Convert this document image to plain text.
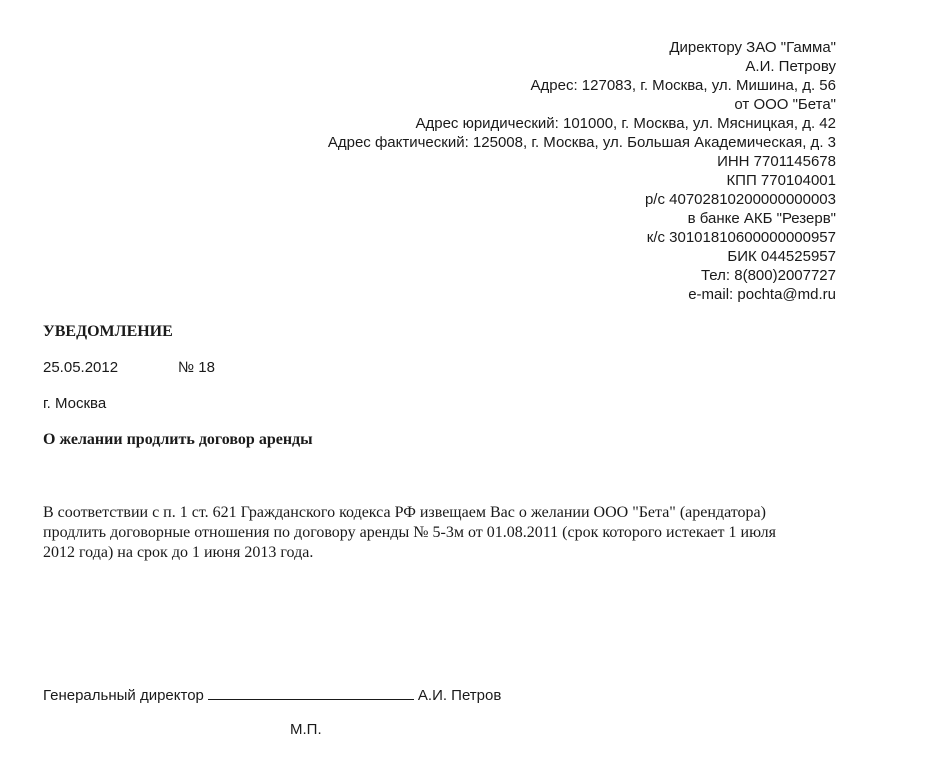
Директору ЗАО "Гамма"
А.И. Петрову
Адрес: 127083, г. Москва, ул. Мишина, д. 56
от ООО "Бета"
Адрес юридический: 101000, г. Москва, ул. Мясницкая, д. 42
Адрес фактический: 125008, г. Москва, ул. Большая Академическая, д. 3
ИНН 7701145678
КПП 770104001
р/с 40702810200000000003
в банке АКБ "Резерв"
к/с 30101810600000000957
БИК 044525957
Тел: 8(800)2007727
e-mail: pochta@md.ru
УВЕДОМЛЕНИЕ
25.05.2012	№ 18
г. Москва
О желании продлить договор аренды
В соответствии с п. 1 ст. 621 Гражданского кодекса РФ извещаем Вас о желании ООО "Бета" (арендатора)
продлить договорные отношения по договору аренды № 5-3м от 01.08.2011 (срок которого истекает 1 июля
2012 года) на срок до 1 июня 2013 года.
Генеральный директор	А.И. Петров
М.П.
